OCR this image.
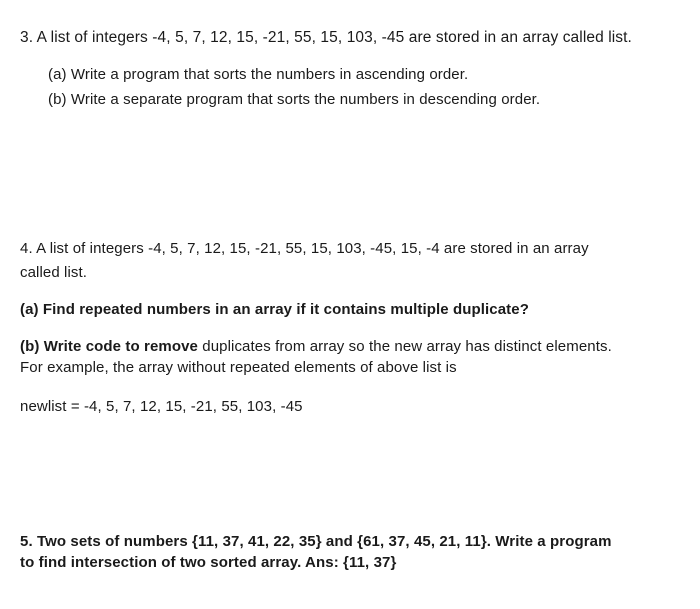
3. A list of integers -4, 5, 7, 12, 15, -21, 55, 15, 103, -45 are stored in an array called list.
(a) Write a program that sorts the numbers in ascending order.
(b) Write a separate program that sorts the numbers in descending order.
4. A list of integers -4, 5, 7, 12, 15, -21, 55, 15, 103, -45, 15, -4 are stored in an array
called list.
(a) Find repeated numbers in an array if it contains multiple duplicate?
(b) Write code to remove duplicates from array so the new array has distinct elements.
For example, the array without repeated elements of above list is
newlist = -4, 5, 7, 12, 15, -21, 55, 103, -45
5. Two sets of numbers {11, 37, 41, 22, 35} and {61, 37, 45, 21, 11}. Write a program
to find intersection of two sorted array. Ans: {11, 37}
